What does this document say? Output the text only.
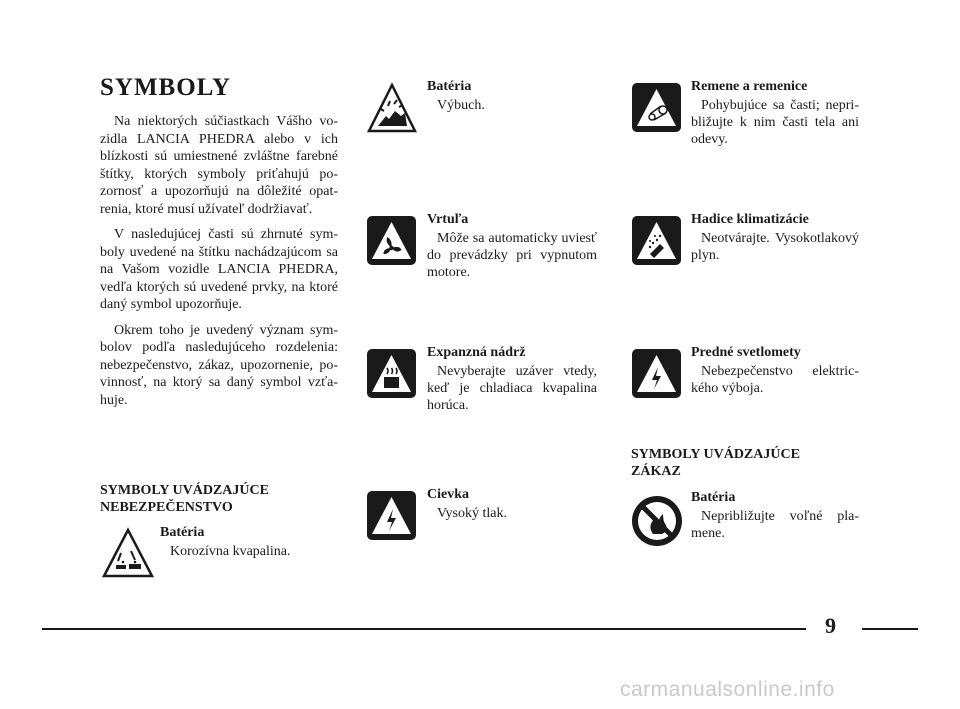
SYMBOLY

Na niektorých súčiastkach Vášho vo-zidla LANCIA PHEDRA alebo v ich blízkosti sú umiestnené zvláštne farebné štítky, ktorých symboly priťahujú po-zornosť a upozorňujú na dôležité opat-renia, ktoré musí užívateľ dodržiavať.

V nasledujúcej časti sú zhrnuté sym-boly uvedené na štítku nachádzajúcom sa na Vašom vozidle LANCIA PHEDRA, vedľa ktorých sú uvedené prvky, na ktoré daný symbol upozorňuje.

Okrem toho je uvedený význam sym-bolov podľa nasledujúceho rozdelenia: nebezpečenstvo, zákaz, upozornenie, po-vinnosť, na ktorý sa daný symbol vzťa-huje.

SYMBOLY UVÁDZAJÚCE NEBEZPEČENSTVO
Batéria
Korozívna kvapalina.
Batéria
Výbuch.
Vrtuľa
Môže sa automaticky uviesť do prevádzky pri vypnutom motore.
Expanzná nádrž
Nevyberajte uzáver vtedy, keď je chladiaca kvapalina horúca.
Cievka
Vysoký tlak.
Remene a remenice
Pohybujúce sa časti; nepri-bližujte k nim časti tela ani odevy.
Hadice klimatizácie
Neotvárajte. Vysokotlakový plyn.
Predné svetlomety
Nebezpečenstvo elektric-kého výboja.
SYMBOLY UVÁDZAJÚCE ZÁKAZ
Batéria
Nepribližujte voľné pla-mene.
9
carmanualsonline.info
